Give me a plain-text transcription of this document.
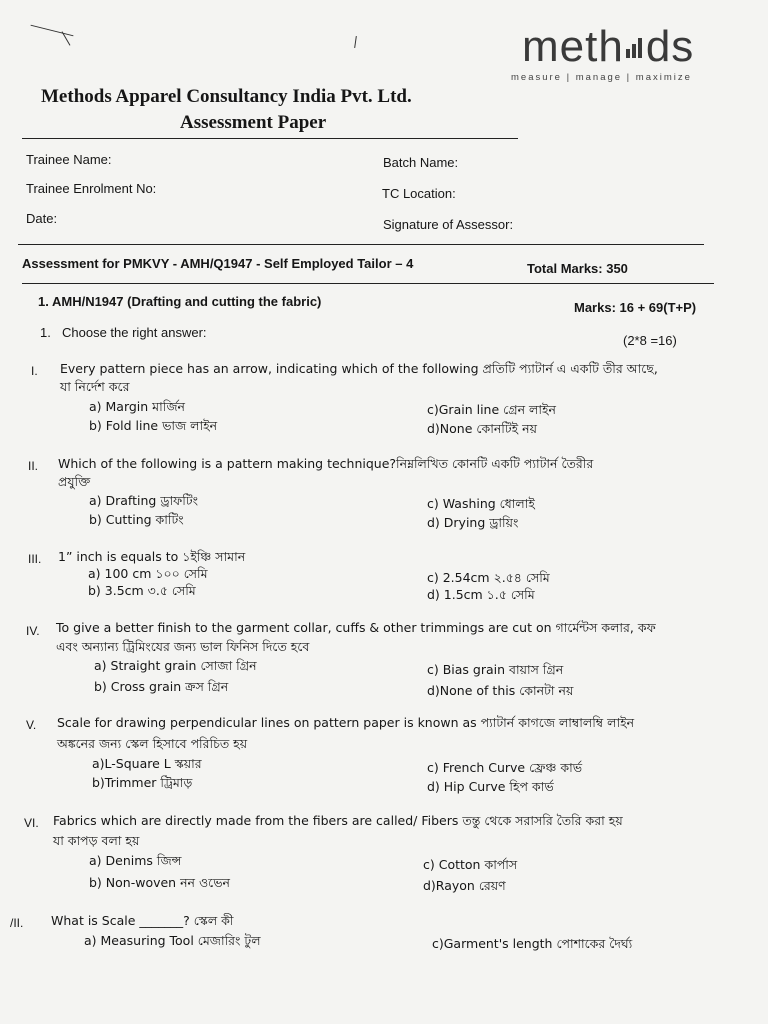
meth ds
measure | manage | maximize
Methods Apparel Consultancy India Pvt. Ltd.
Assessment Paper
Trainee Name:	Batch Name:
Trainee Enrolment No:	TC Location:
Date:	Signature of Assessor:
Assessment for PMKVY - AMH/Q1947 - Self Employed Tailor – 4	Total Marks: 350
1. AMH/N1947 (Drafting and cutting the fabric)	Marks: 16 + 69(T+P)
1. Choose the right answer:
(2*8 =16)
I. Every pattern piece has an arrow, indicating which of the following প্রতিটি প্যাটার্ন এ একটি তীর আছে,
যা নির্দেশ করে
a) Margin মার্জিন
b) Fold line ভাজ লাইন
c)Grain line গ্রেন লাইন
d)None কোনটিই নয়
II. Which of the following is a pattern making technique?নিম্নলিখিত কোনটি একটি প্যাটার্ন তৈরীর
প্রযুক্তি
a) Drafting ড্রাফটিং
b) Cutting কাটিং
c) Washing ধোলাই
d) Drying ড্রায়িং
III. 1” inch is equals to ১ইঞ্চি সামান
a) 100 cm ১০০ সেমি
b) 3.5cm ৩.৫ সেমি
c) 2.54cm ২.৫৪ সেমি
d) 1.5cm ১.৫ সেমি
IV. To give a better finish to the garment collar, cuffs & other trimmings are cut on গার্মেন্টস কলার, কফ
এবং অন্যান্য ট্রিমিংযের জন্য ভাল ফিনিস দিতে হবে
a) Straight grain সোজা গ্রিন
b) Cross grain ক্রস গ্রিন
c) Bias grain বায়াস গ্রিন
d)None of this কোনটা নয়
V. Scale for drawing perpendicular lines on pattern paper is known as প্যাটার্ন কাগজে লাম্বালম্বি লাইন
অঙ্কনের জন্য স্কেল হিসাবে পরিচিত হয়
a)L-Square L স্কয়ার
b)Trimmer ট্রিমাড়
c) French Curve ফ্রেঞ্চ কার্ভ
d) Hip Curve হিপ কার্ভ
VI. Fabrics which are directly made from the fibers are called/ Fibers তন্তু থেকে সরাসরি তৈরি করা হয়
যা কাপড় বলা হয়
a) Denims জিন্স
b) Non-woven নন ওভেন
c) Cotton কার্পাস
d)Rayon রেয়ণ
/II. What is Scale _______? স্কেল কী
a) Measuring Tool মেজারিং টুল	c)Garment's length পোশাকের দৈর্ঘ্য
